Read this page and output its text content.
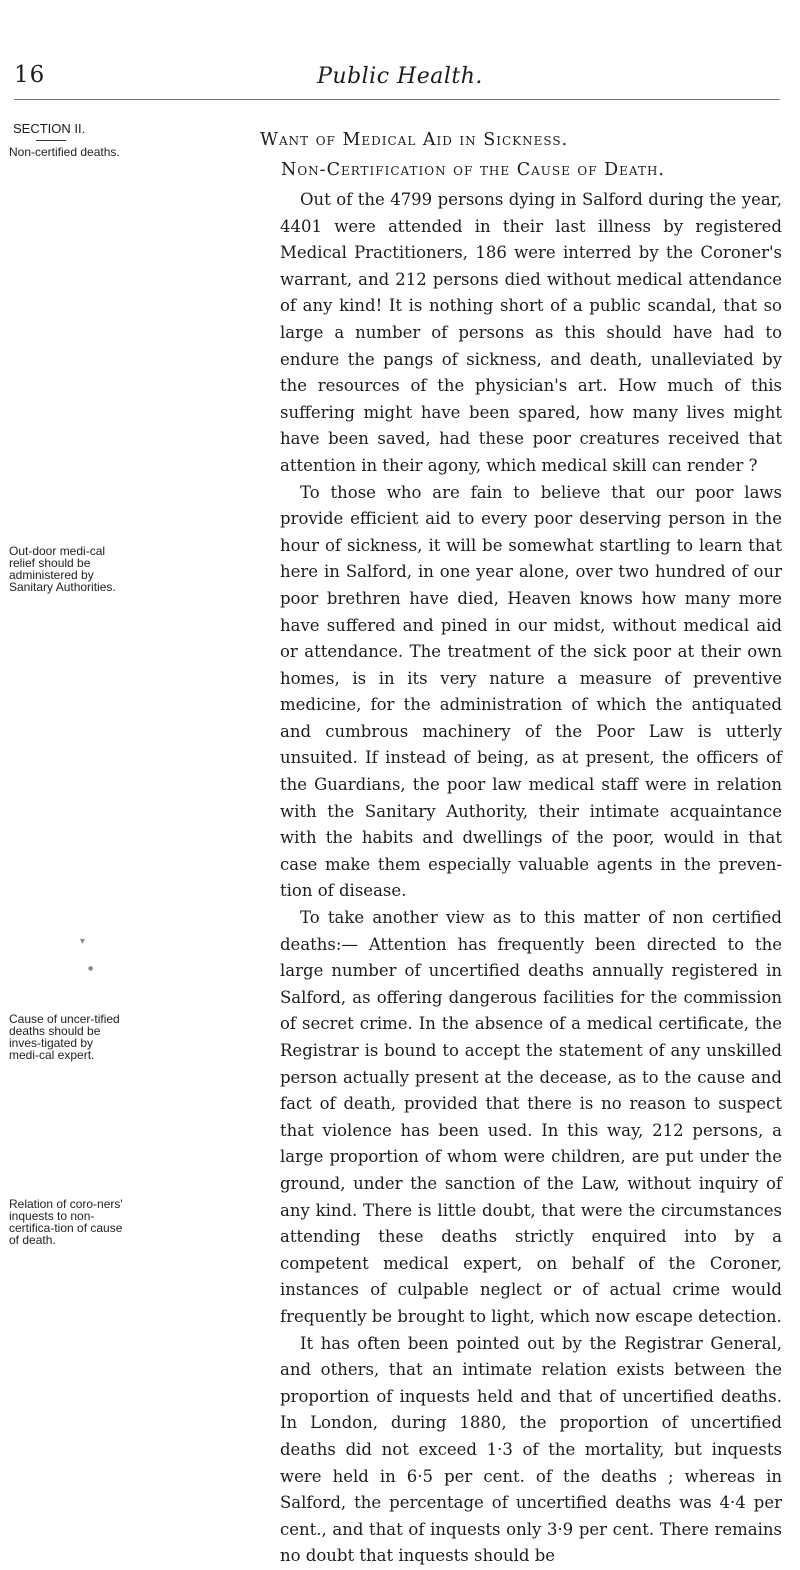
16	Public Health.
SECTION II.
Non-certified deaths.
Out-door medi-cal relief should be administered by Sanitary Authorities.
Cause of uncer-tified deaths should be inves-tigated by medi-cal expert.
Relation of coro-ners' inquests to non-certifica-tion of cause of death.
▾
●
Want of Medical Aid in Sickness.
Non-Certification of the Cause of Death.

Out of the 4799 persons dying in Salford during the year, 4401 were attended in their last illness by registered Medical Practitioners, 186 were interred by the Coroner's warrant, and 212 persons died without medical attendance of any kind! It is nothing short of a public scandal, that so large a number of persons as this should have had to endure the pangs of sickness, and death, unalleviated by the resources of the physician's art. How much of this suffering might have been spared, how many lives might have been saved, had these poor creatures received that attention in their agony, which medical skill can render ?

To those who are fain to believe that our poor laws provide efficient aid to every poor deserving person in the hour of sickness, it will be somewhat startling to learn that here in Salford, in one year alone, over two hundred of our poor brethren have died, Heaven knows how many more have suffered and pined in our midst, without medical aid or attendance. The treatment of the sick poor at their own homes, is in its very nature a measure of preventive medicine, for the administration of which the antiquated and cumbrous machinery of the Poor Law is utterly unsuited. If instead of being, as at present, the officers of the Guardians, the poor law medical staff were in relation with the Sanitary Authority, their intimate acquaintance with the habits and dwellings of the poor, would in that case make them especially valuable agents in the preven-tion of disease.

To take another view as to this matter of non certified deaths:— Attention has frequently been directed to the large number of uncertified deaths annually registered in Salford, as offering dangerous facilities for the commission of secret crime. In the absence of a medical certificate, the Registrar is bound to accept the statement of any unskilled person actually present at the decease, as to the cause and fact of death, provided that there is no reason to suspect that violence has been used. In this way, 212 persons, a large proportion of whom were children, are put under the ground, under the sanction of the Law, without inquiry of any kind. There is little doubt, that were the circumstances attending these deaths strictly enquired into by a competent medical expert, on behalf of the Coroner, instances of culpable neglect or of actual crime would frequently be brought to light, which now escape detection.

It has often been pointed out by the Registrar General, and others, that an intimate relation exists between the proportion of inquests held and that of uncertified deaths. In London, during 1880, the proportion of uncertified deaths did not exceed 1·3 of the mortality, but inquests were held in 6·5 per cent. of the deaths ; whereas in Salford, the percentage of uncertified deaths was 4·4 per cent., and that of inquests only 3·9 per cent. There remains no doubt that inquests should be
